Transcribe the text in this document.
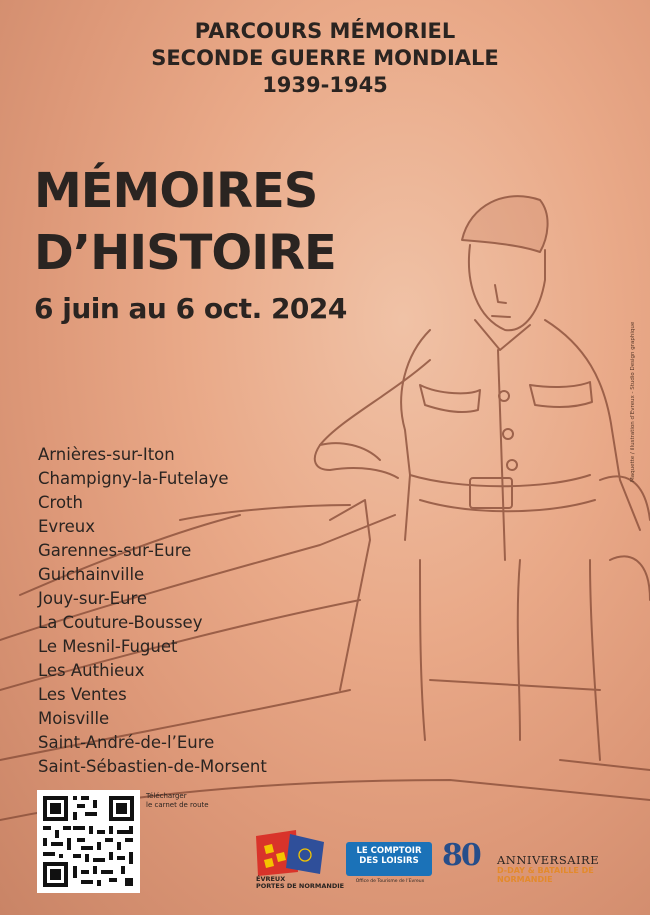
PARCOURS MÉMORIEL
SECONDE GUERRE MONDIALE
1939-1945
MÉMOIRES
D’HISTOIRE
6 juin au 6 oct. 2024
Arnières-sur-Iton
Champigny-la-Futelaye
Croth
Evreux
Garennes-sur-Eure
Guichainville
Jouy-sur-Eure
La Couture-Boussey
Le Mesnil-Fuguet
Les Authieux
Les Ventes
Moisville
Saint-André-de-l’Eure
Saint-Sébastien-de-Morsent
Maquette / illustration d’Evreux - Studio Design graphique
Télécharger
le carnet de route
ÉVREUX
PORTES DE NORMANDIE
LE COMPTOIR
DES LOISIRS
Office de Tourisme de l’Evreux
80 ANNIVERSAIRE
D-DAY & BATAILLE DE NORMANDIE
